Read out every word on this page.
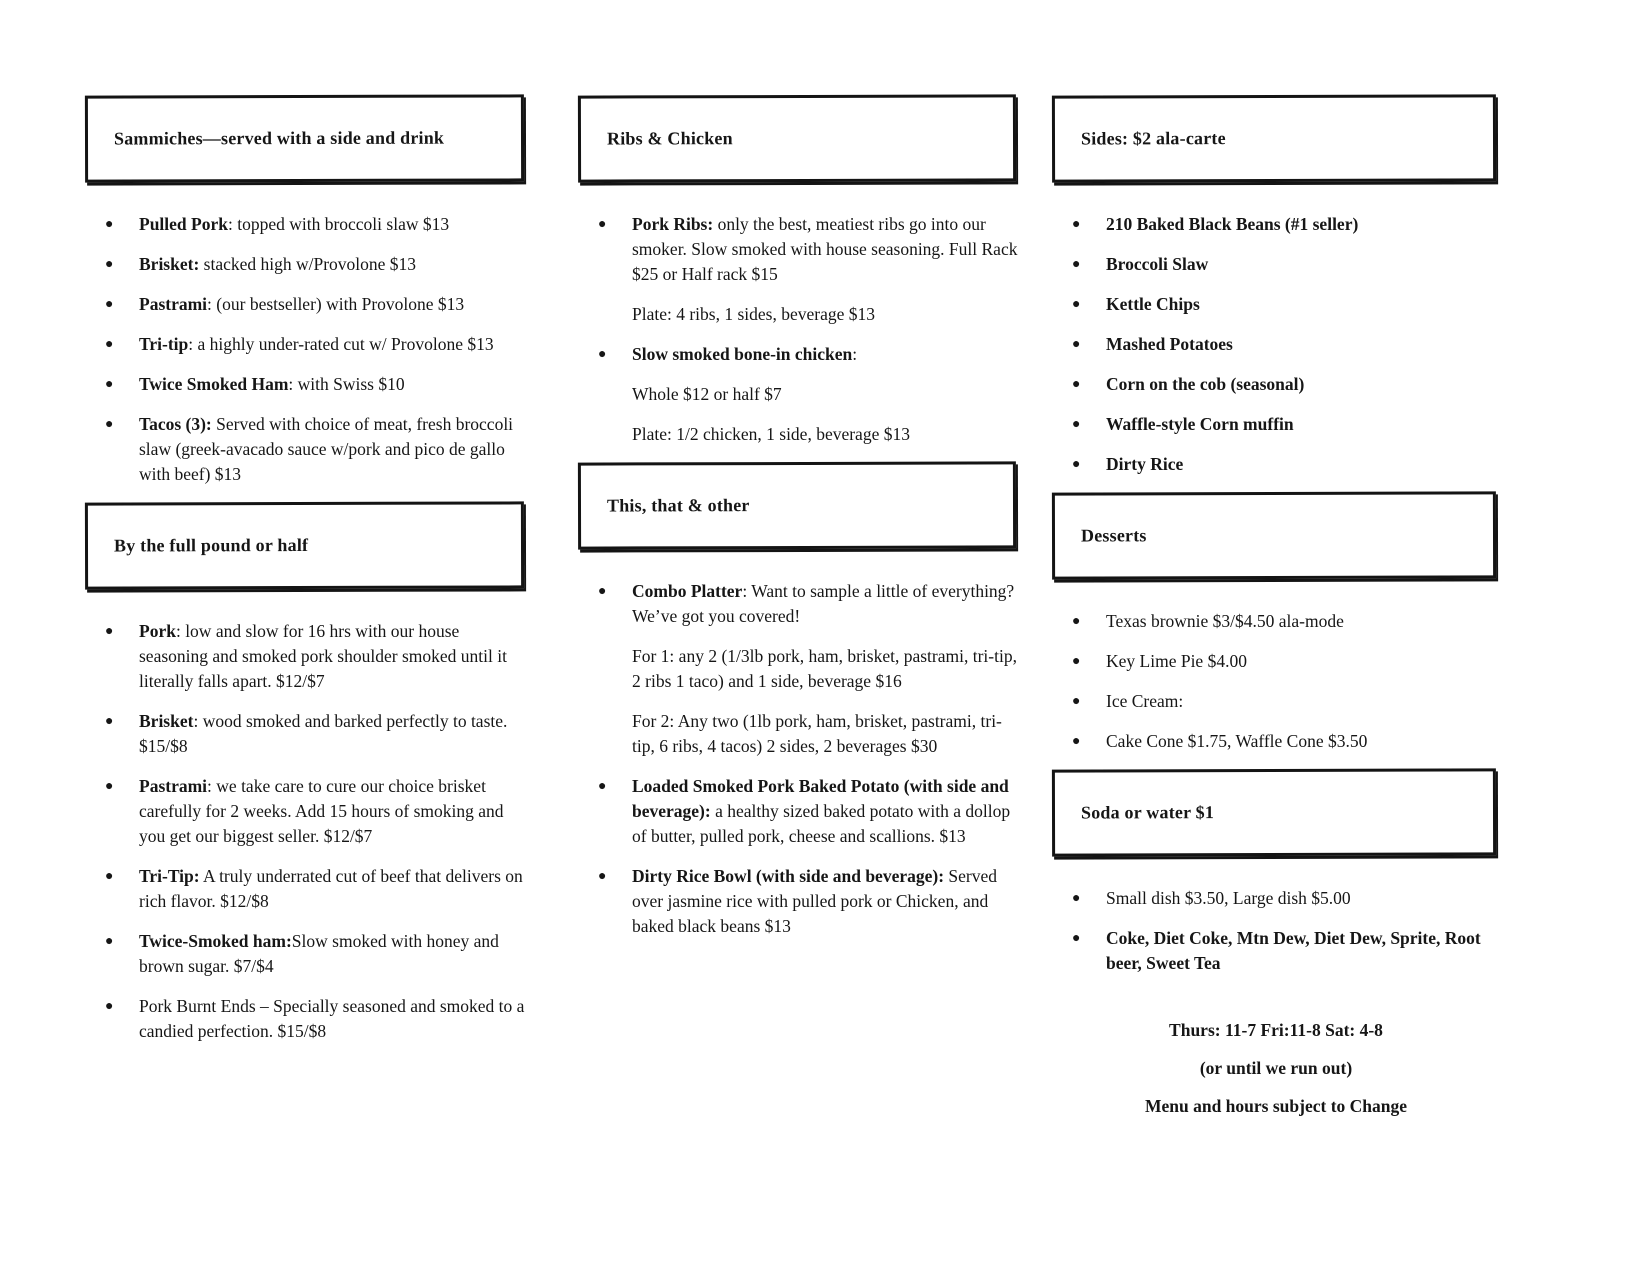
Sammiches—served with a side and drink
●	Pulled Pork: topped with broccoli slaw $13
●	Brisket: stacked high w/Provolone $13
●	Pastrami: (our bestseller) with Provolone $13
●	Tri-tip: a highly under-rated cut w/ Provolone $13
●	Twice Smoked Ham: with Swiss $10
●	Tacos (3): Served with choice of meat, fresh broccoli slaw (greek-avacado sauce w/pork and pico de gallo with beef) $13
By the full pound or half
●	Pork: low and slow for 16 hrs with our house seasoning and smoked pork shoulder smoked until it literally falls apart. $12/$7
●	Brisket: wood smoked and barked perfectly to taste. $15/$8
●	Pastrami: we take care to cure our choice brisket carefully for 2 weeks. Add 15 hours of smoking and you get our biggest seller. $12/$7
●	Tri-Tip: A truly underrated cut of beef that delivers on rich flavor. $12/$8
●	Twice-Smoked ham:Slow smoked with honey and brown sugar. $7/$4
●	Pork Burnt Ends – Specially seasoned and smoked to a candied perfection. $15/$8
Ribs & Chicken
●	Pork Ribs: only the best, meatiest ribs go into our smoker. Slow smoked with house seasoning. Full Rack $25 or Half rack $15
Plate: 4 ribs, 1 sides, beverage $13
●	Slow smoked bone-in chicken:
Whole $12 or half $7
Plate: 1/2 chicken, 1 side, beverage $13
This, that & other
●	Combo Platter: Want to sample a little of everything? We’ve got you covered!
For 1: any 2 (1/3lb pork, ham, brisket, pastrami, tri-tip, 2 ribs 1 taco) and 1 side, beverage $16
For 2: Any two (1lb pork, ham, brisket, pastrami, tri-tip, 6 ribs, 4 tacos) 2 sides, 2 beverages $30
●	Loaded Smoked Pork Baked Potato (with side and beverage): a healthy sized baked potato with a dollop of butter, pulled pork, cheese and scallions. $13
●	Dirty Rice Bowl (with side and beverage): Served over jasmine rice with pulled pork or Chicken, and baked black beans $13
Sides: $2 ala-carte
●	210 Baked Black Beans (#1 seller)
●	Broccoli Slaw
●	Kettle Chips
●	Mashed Potatoes
●	Corn on the cob (seasonal)
●	Waffle-style Corn muffin
●	Dirty Rice
Desserts
●	Texas brownie $3/$4.50 ala-mode
●	Key Lime Pie $4.00
●	Ice Cream:
●	Cake Cone $1.75, Waffle Cone $3.50
Soda or water $1
●	Small dish $3.50, Large dish $5.00
●	Coke, Diet Coke, Mtn Dew, Diet Dew, Sprite, Root beer, Sweet Tea
Thurs: 11-7 Fri:11-8 Sat: 4-8
(or until we run out)
Menu and hours subject to Change
